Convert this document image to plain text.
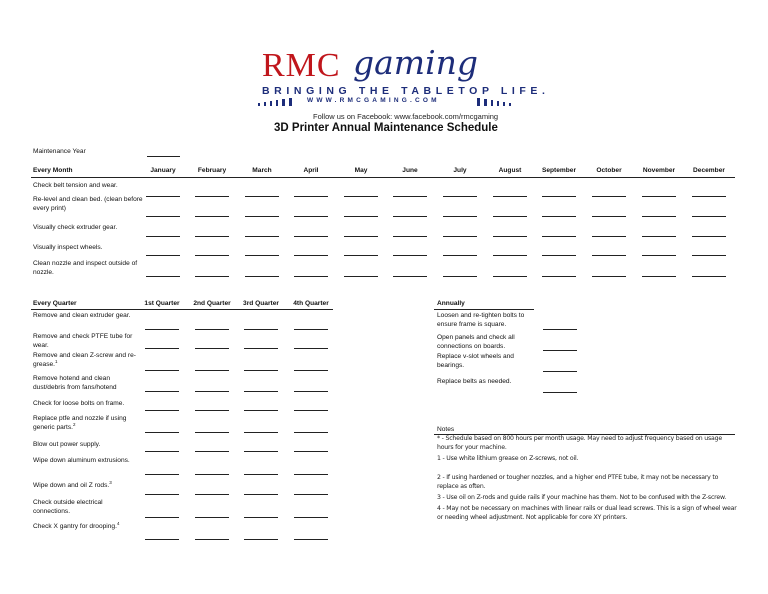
RMC gaming
BRINGING THE TABLETOP LIFE.
WWW.RMCGAMING.COM
Follow us on Facebook: www.facebook.com/rmcgaming
3D Printer Annual Maintenance Schedule
Maintenance Year
Every Month	January	February	March	April	May	June	July	August	September	October	November	December
Check belt tension and wear.
Re-level and clean bed. (clean before every print)
Visually check extruder gear.
Visually inspect wheels.
Clean nozzle and inspect outside of nozzle.
Every Quarter	1st Quarter	2nd Quarter	3rd Quarter	4th Quarter
Remove and clean extruder gear.
Remove and check PTFE tube for wear.
Remove and clean Z-screw and re-grease.$^1$
Remove hotend and clean dust/debris from fans/hotend
Check for loose bolts on frame.
Replace ptfe and nozzle if using generic parts.$^2$
Blow out power supply.
Wipe down aluminum extrusions.
Wipe down and oil Z rods.$^3$
Check outside electrical connections.
Check X gantry for drooping.$^4$
Annually
Loosen and re-tighten bolts to ensure frame is square.
Open panels and check all connections on boards.
Replace v-slot wheels and bearings.
Replace belts as needed.
Notes
* - Schedule based on 800 hours per month usage. May need to adjust frequency based on usage hours for your machine.
1 - Use white lithium grease on Z-screws, not oil.
2 - If using hardened or tougher nozzles, and a higher end PTFE tube, it may not be necessary to replace as often.
3 - Use oil on Z-rods and guide rails if your machine has them. Not to be confused with the Z-screw.
4 - May not be necessary on machines with linear rails or dual lead screws. This is a sign of wheel wear or needing wheel adjustment. Not applicable for core XY printers.
